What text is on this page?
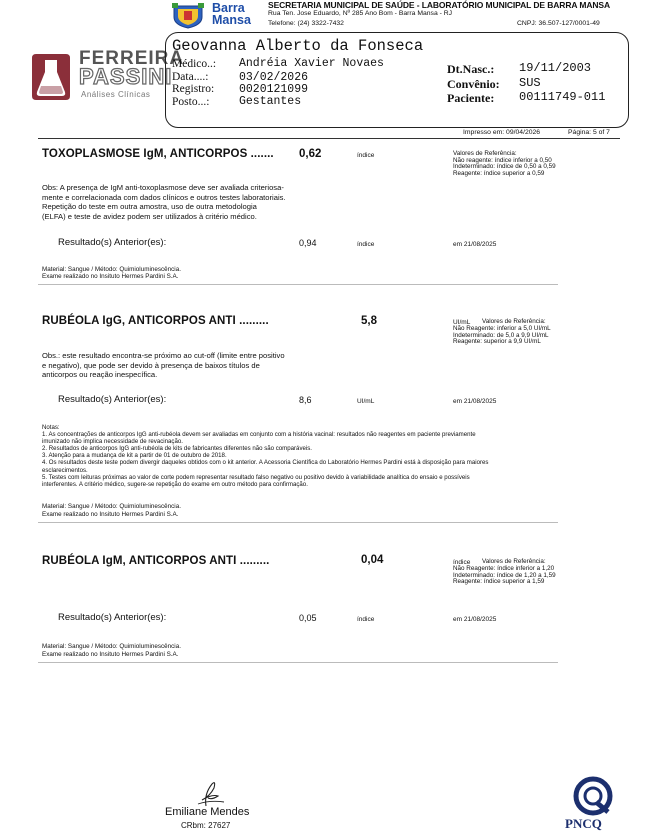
Barra
Mansa
SECRETARIA MUNICIPAL DE SAÚDE - LABORATÓRIO MUNICIPAL DE BARRA MANSA
Rua Ten. Jose Eduardo, Nº 285 Ano Bom - Barra Mansa - RJ
Telefone: (24) 3322-7432	CNPJ: 36.507-127/0001-49
FERREIRA
PASSINI
Análises Clínicas
Geovanna Alberto da Fonseca
Médico..: Andréia Xavier Novaes
Data....:	03/02/2026
Registro: 0020121099
Posto...:	Gestantes
Dt.Nasc.: 19/11/2003
Convênio: SUS
Paciente: 00111749-011
Impresso em: 09/04/2026	Página: 5 of 7
TOXOPLASMOSE IgM, ANTICORPOS ....... 0,62	índice	Valores de Referência:
Não reagente: índice inferior a 0,50
Indeterminado: índice de 0,50 a 0,59
Reagente: índice superior a 0,59
Obs: A presença de IgM anti-toxoplasmose deve ser avaliada criteriosa-
mente e correlacionada com dados clínicos e outros testes laboratoriais.
Repetição do teste em outra amostra, uso de outra metodologia
(ELFA) e teste de avidez podem ser utilizados à critério médico.
Resultado(s) Anterior(es):	0,94	índice	em 21/08/2025
Material: Sangue / Método: Quimioluminescência.
Exame realizado no Insituto Hermes Pardini S.A.
RUBÉOLA IgG, ANTICORPOS ANTI .........	5,8	UI/mL Valores de Referência:
Não Reagente: inferior a 5,0 UI/mL
Indeterminado: de 5,0 a 9,9 UI/mL
Reagente: superior a 9,9 UI/mL
Obs.: este resultado encontra-se próximo ao cut-off (limite entre positivo
e negativo), que pode ser devido à presença de baixos títulos de
anticorpos ou reação inespecífica.
Resultado(s) Anterior(es):	8,6	UI/mL	em 21/08/2025
Notas:
1. As concentrações de anticorpos IgG anti-rubéola devem ser avaliadas em conjunto com a história vacinal: resultados não reagentes em paciente previamente
imunizado não implica necessidade de revacinação.
2. Resultados de anticorpos IgG anti-rubéola de kits de fabricantes diferentes não são comparáveis.
3. Atenção para a mudança de kit a partir de 01 de outubro de 2018.
4. Os resultados deste teste podem divergir daqueles obtidos com o kit anterior. A Acessoria Científica do Laboratório Hermes Pardini está à disposição para maiores
esclarecimentos.
5. Testes com leituras próximas ao valor de corte podem representar resultado falso negativo ou positivo devido à variabilidade analítica do ensaio e possíveis
interferentes. A critério médico, sugere-se repetição do exame em outro método para confirmação.
Material: Sangue / Método: Quimioluminescência.
Exame realizado no Insituto Hermes Pardini S.A.
RUBÉOLA IgM, ANTICORPOS ANTI .........	0,04	índice Valores de Referência:
Não Reagente: índice inferior a 1,20
Indeterminado: índice de 1,20 a 1,59
Reagente: índice superior a 1,59
Resultado(s) Anterior(es):	0,05	índice	em 21/08/2025
Material: Sangue / Método: Quimioluminescência.
Exame realizado no Insituto Hermes Pardini S.A.
Emiliane Mendes
CRbm: 27627	PNCQ
